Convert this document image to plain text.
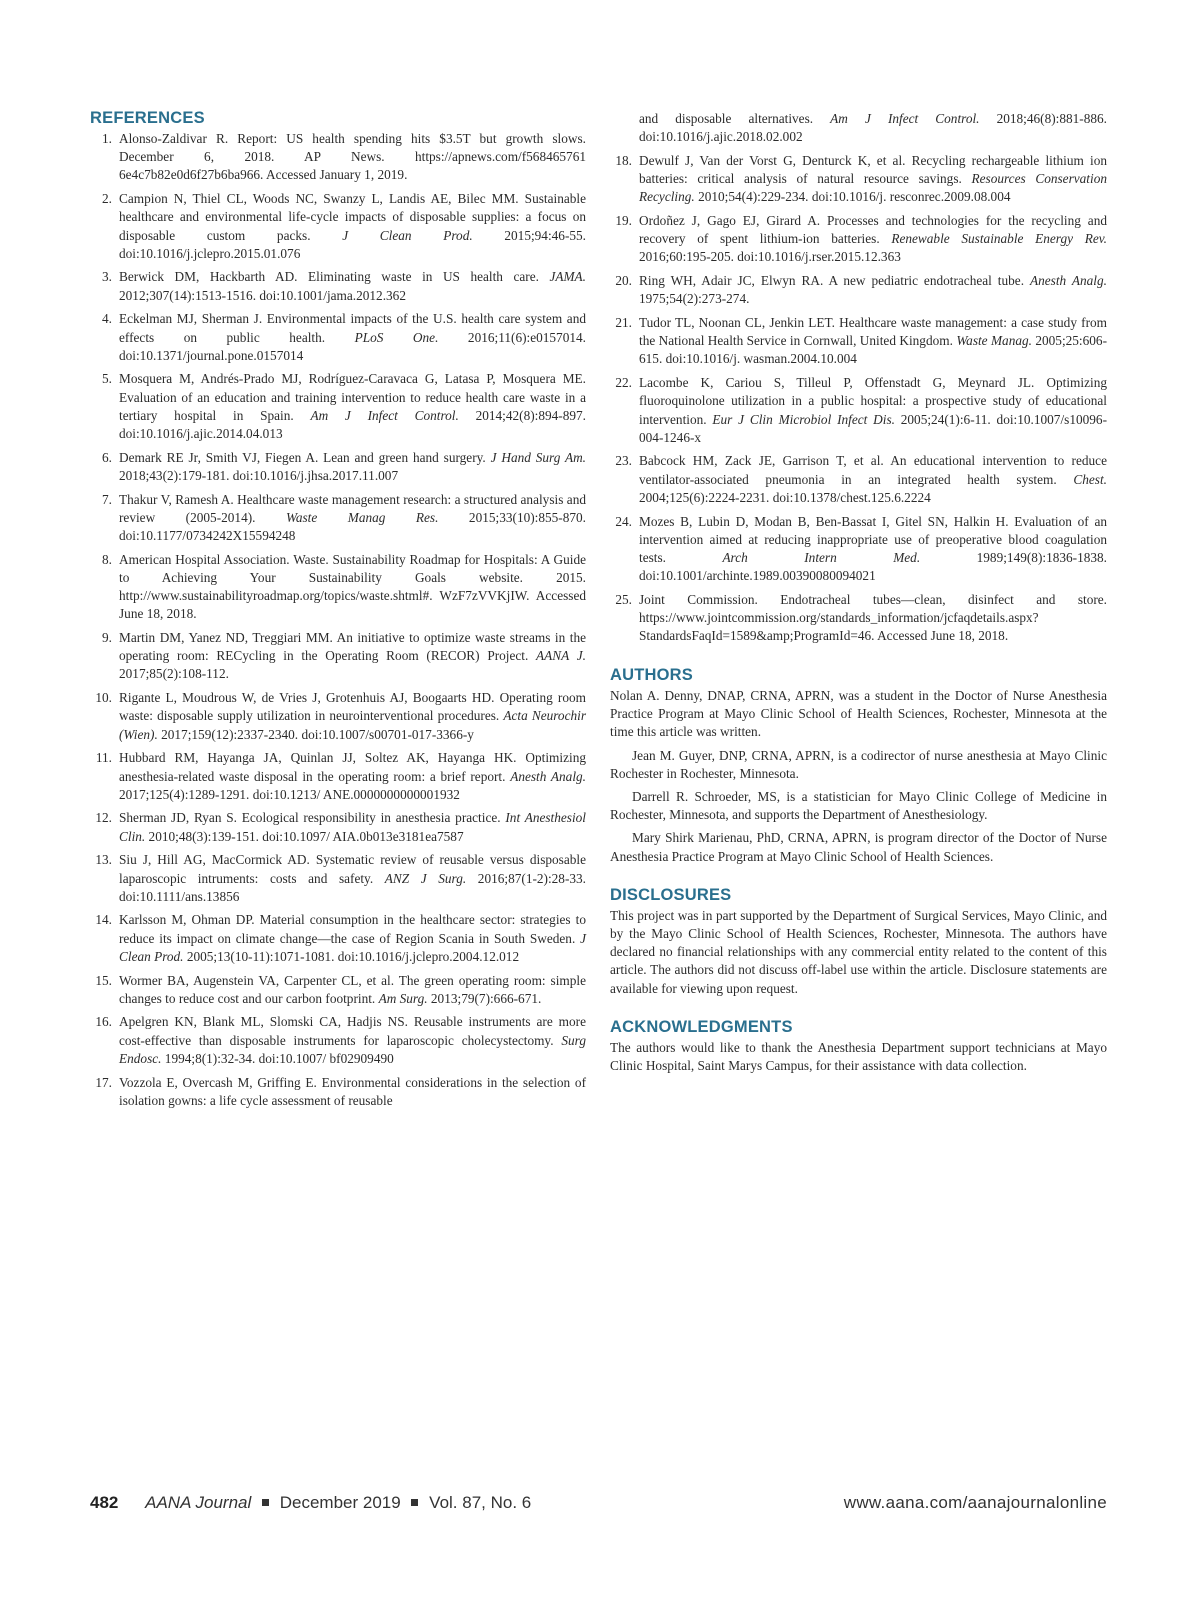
REFERENCES
1. Alonso-Zaldivar R. Report: US health spending hits $3.5T but growth slows. December 6, 2018. AP News. https://apnews.com/f568465761 6e4c7b82e0d6f27b6ba966. Accessed January 1, 2019.
2. Campion N, Thiel CL, Woods NC, Swanzy L, Landis AE, Bilec MM. Sustainable healthcare and environmental life-cycle impacts of disposable supplies: a focus on disposable custom packs. J Clean Prod. 2015;94:46-55. doi:10.1016/j.jclepro.2015.01.076
3. Berwick DM, Hackbarth AD. Eliminating waste in US health care. JAMA. 2012;307(14):1513-1516. doi:10.1001/jama.2012.362
4. Eckelman MJ, Sherman J. Environmental impacts of the U.S. health care system and effects on public health. PLoS One. 2016;11(6):e0157014. doi:10.1371/journal.pone.0157014
5. Mosquera M, Andrés-Prado MJ, Rodríguez-Caravaca G, Latasa P, Mosquera ME. Evaluation of an education and training intervention to reduce health care waste in a tertiary hospital in Spain. Am J Infect Control. 2014;42(8):894-897. doi:10.1016/j.ajic.2014.04.013
6. Demark RE Jr, Smith VJ, Fiegen A. Lean and green hand surgery. J Hand Surg Am. 2018;43(2):179-181. doi:10.1016/j.jhsa.2017.11.007
7. Thakur V, Ramesh A. Healthcare waste management research: a structured analysis and review (2005-2014). Waste Manag Res. 2015;33(10):855-870. doi:10.1177/0734242X15594248
8. American Hospital Association. Waste. Sustainability Roadmap for Hospitals: A Guide to Achieving Your Sustainability Goals website. 2015. http://www.sustainabilityroadmap.org/topics/waste.shtml#. WzF7zVVKjIW. Accessed June 18, 2018.
9. Martin DM, Yanez ND, Treggiari MM. An initiative to optimize waste streams in the operating room: RECycling in the Operating Room (RECOR) Project. AANA J. 2017;85(2):108-112.
10. Rigante L, Moudrous W, de Vries J, Grotenhuis AJ, Boogaarts HD. Operating room waste: disposable supply utilization in neurointerventional procedures. Acta Neurochir (Wien). 2017;159(12):2337-2340. doi:10.1007/s00701-017-3366-y
11. Hubbard RM, Hayanga JA, Quinlan JJ, Soltez AK, Hayanga HK. Optimizing anesthesia-related waste disposal in the operating room: a brief report. Anesth Analg. 2017;125(4):1289-1291. doi:10.1213/ ANE.0000000000001932
12. Sherman JD, Ryan S. Ecological responsibility in anesthesia practice. Int Anesthesiol Clin. 2010;48(3):139-151. doi:10.1097/ AIA.0b013e3181ea7587
13. Siu J, Hill AG, MacCormick AD. Systematic review of reusable versus disposable laparoscopic intruments: costs and safety. ANZ J Surg. 2016;87(1-2):28-33. doi:10.1111/ans.13856
14. Karlsson M, Ohman DP. Material consumption in the healthcare sector: strategies to reduce its impact on climate change—the case of Region Scania in South Sweden. J Clean Prod. 2005;13(10-11):1071-1081. doi:10.1016/j.jclepro.2004.12.012
15. Wormer BA, Augenstein VA, Carpenter CL, et al. The green operating room: simple changes to reduce cost and our carbon footprint. Am Surg. 2013;79(7):666-671.
16. Apelgren KN, Blank ML, Slomski CA, Hadjis NS. Reusable instruments are more cost-effective than disposable instruments for laparoscopic cholecystectomy. Surg Endosc. 1994;8(1):32-34. doi:10.1007/ bf02909490
17. Vozzola E, Overcash M, Griffing E. Environmental considerations in the selection of isolation gowns: a life cycle assessment of reusable
and disposable alternatives. Am J Infect Control. 2018;46(8):881-886. doi:10.1016/j.ajic.2018.02.002
18. Dewulf J, Van der Vorst G, Denturck K, et al. Recycling rechargeable lithium ion batteries: critical analysis of natural resource savings. Resources Conservation Recycling. 2010;54(4):229-234. doi:10.1016/j. resconrec.2009.08.004
19. Ordoñez J, Gago EJ, Girard A. Processes and technologies for the recycling and recovery of spent lithium-ion batteries. Renewable Sustainable Energy Rev. 2016;60:195-205. doi:10.1016/j.rser.2015.12.363
20. Ring WH, Adair JC, Elwyn RA. A new pediatric endotracheal tube. Anesth Analg. 1975;54(2):273-274.
21. Tudor TL, Noonan CL, Jenkin LET. Healthcare waste management: a case study from the National Health Service in Cornwall, United Kingdom. Waste Manag. 2005;25:606-615. doi:10.1016/j. wasman.2004.10.004
22. Lacombe K, Cariou S, Tilleul P, Offenstadt G, Meynard JL. Optimizing fluoroquinolone utilization in a public hospital: a prospective study of educational intervention. Eur J Clin Microbiol Infect Dis. 2005;24(1):6-11. doi:10.1007/s10096-004-1246-x
23. Babcock HM, Zack JE, Garrison T, et al. An educational intervention to reduce ventilator-associated pneumonia in an integrated health system. Chest. 2004;125(6):2224-2231. doi:10.1378/chest.125.6.2224
24. Mozes B, Lubin D, Modan B, Ben-Bassat I, Gitel SN, Halkin H. Evaluation of an intervention aimed at reducing inappropriate use of preoperative blood coagulation tests. Arch Intern Med. 1989;149(8):1836-1838. doi:10.1001/archinte.1989.00390080094021
25. Joint Commission. Endotracheal tubes—clean, disinfect and store. https://www.jointcommission.org/standards_information/jcfaqdetails.aspx?StandardsFaqId=1589&amp;ProgramId=46. Accessed June 18, 2018.
AUTHORS

Nolan A. Denny, DNAP, CRNA, APRN, was a student in the Doctor of Nurse Anesthesia Practice Program at Mayo Clinic School of Health Sciences, Rochester, Minnesota at the time this article was written.

Jean M. Guyer, DNP, CRNA, APRN, is a codirector of nurse anesthesia at Mayo Clinic Rochester in Rochester, Minnesota.

Darrell R. Schroeder, MS, is a statistician for Mayo Clinic College of Medicine in Rochester, Minnesota, and supports the Department of Anesthesiology.

Mary Shirk Marienau, PhD, CRNA, APRN, is program director of the Doctor of Nurse Anesthesia Practice Program at Mayo Clinic School of Health Sciences.

DISCLOSURES

This project was in part supported by the Department of Surgical Services, Mayo Clinic, and by the Mayo Clinic School of Health Sciences, Rochester, Minnesota. The authors have declared no financial relationships with any commercial entity related to the content of this article. The authors did not discuss off-label use within the article. Disclosure statements are available for viewing upon request.

ACKNOWLEDGMENTS

The authors would like to thank the Anesthesia Department support technicians at Mayo Clinic Hospital, Saint Marys Campus, for their assistance with data collection.

482 AANA Journal December 2019 Vol. 87, No. 6	www.aana.com/aanajournalonline
